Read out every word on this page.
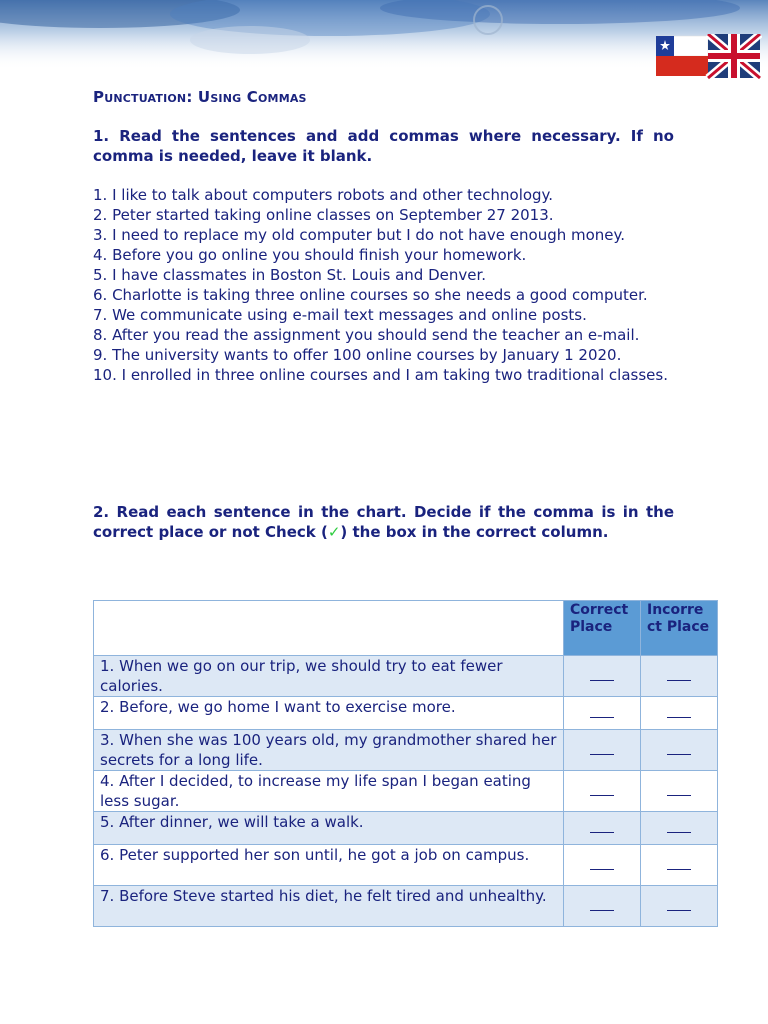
Punctuation: Using Commas
1. Read the sentences and add commas where necessary. If no comma is needed, leave it blank.

1. I like to talk about computers robots and other technology.

2. Peter started taking online classes on September 27 2013.

3. I need to replace my old computer but I do not have enough money.

4. Before you go online you should finish your homework.

5. I have classmates in Boston St. Louis and Denver.

6. Charlotte is taking three online courses so she needs a good computer.

7. We communicate using e-mail text messages and online posts.

8. After you read the assignment you should send the teacher an e-mail.

9. The university wants to offer 100 online courses by January 1 2020.

10. I enrolled in three online courses and I am taking two traditional classes.

2. Read each sentence in the chart. Decide if the comma is in the correct place or not Check (✓) the box in the correct column.
	Correct Place	Incorrect Place
1. When we go on our trip, we should try to eat fewer calories.		
2. Before, we go home I want to exercise more.		
3. When she was 100 years old, my grandmother shared her secrets for a long life.		
4. After I decided, to increase my life span I began eating less sugar.		
5. After dinner, we will take a walk.		
6. Peter supported her son until, he got a job on campus.		
7. Before Steve started his diet, he felt tired and unhealthy.		
